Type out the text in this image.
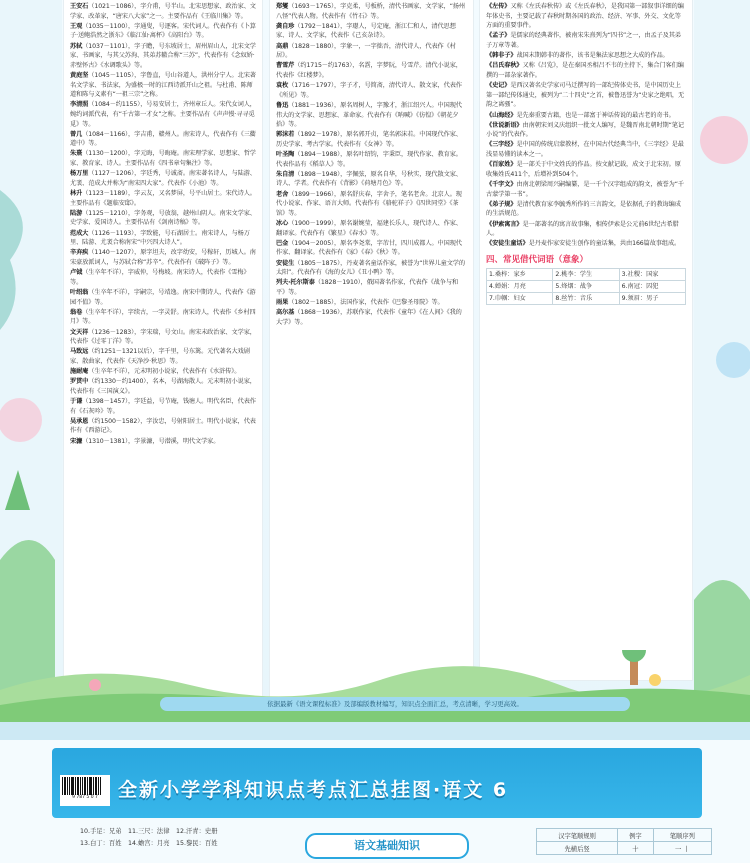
王安石（1021－1086），字介甫，号半山。北宋思想家、政治家、文学家、改革家，“唐宋八大家”之一。主要作品有《王临川集》等。
王观（1035－1100），字通叟，号逐客。宋代词人。代表作有《卜算子·送鲍浩然之浙东》《临江仙·离杯》《高阳台》等。
苏轼（1037－1101），字子瞻，号东坡居士，眉州眉山人，北宋文学家、书画家，与其父苏洵、其弟苏辙合称“三苏”，代表作有《念奴娇·赤壁怀古》《水调歌头》等。
黄庭坚（1045－1105），字鲁直，号山谷道人，洪州分宁人。北宋著名文学家、书法家，为盛极一时的江西诗派开山之祖。与杜甫、陈师道和陈与义素有“一祖三宗”之称。
李清照（1084－约1155），号易安居士，齐州章丘人。宋代女词人，婉约词派代表，有“千古第一才女”之称。主要作品有《声声慢·寻寻觅觅》等。
曾几（1084－1166），字吉甫，赣州人。南宋诗人，代表作有《三衢道中》等。
朱熹（1130－1200），字元晦，号晦庵。南宋理学家、思想家、哲学家、教育家、诗人。主要作品有《四书章句集注》等。
杨万里（1127－1206），字廷秀，号诚斋。南宋著名诗人，与陆游、尤袤、范成大并称为“南宋四大家”。代表作《小池》等。
林升（1123－1189），字云友，又名梦屏，号平山居士。宋代诗人。主要作品有《题临安邸》。
陆游（1125－1210），字务观，号放翁，越州山阴人。南宋文学家、史学家、爱国诗人。主要作品有《剑南诗稿》等。
范成大（1126－1193），字致能，号石湖居士。南宋诗人，与杨万里、陆游、尤袤合称南宋“中兴四大诗人”。
辛弃疾（1140－1207），原字坦夫，改字幼安，号稼轩，历城人。南宋豪放派词人，与苏轼合称“苏辛”。代表作有《破阵子》等。
卢钺（生卒年不详），字威仲，号梅坡。南宋诗人，代表作《雪梅》等。
叶绍翁（生卒年不详），字嗣宗，号靖逸。南宋中期诗人，代表作《游园不值》等。
翁卷（生卒年不详），字续古，一字灵舒。南宋诗人，代表作《乡村四月》等。
文天祥（1236－1283），字宋瑞，号文山。南宋末政治家、文学家，代表作《过零丁洋》等。
马致远（约1251－1321以后），字千里，号东篱。元代著名大戏剧家、散曲家，代表作《天净沙·秋思》等。
施耐庵（生卒年不详），元末明初小说家，代表作有《水浒传》。
罗贯中（约1330－约1400），名本，号湖海散人。元末明初小说家，代表作有《三国演义》。
于谦（1398－1457），字廷益，号节庵，钱塘人。明代名臣，代表作有《石灰吟》等。
吴承恩（约1500－1582），字汝忠，号射阳居士。明代小说家，代表作有《西游记》。
宋濂（1310－1381），字景濂，号潜溪，明代文学家。
郑燮（1693－1765），字克柔，号板桥，清代书画家、文学家，“扬州八怪”代表人物。代表作有《竹石》等。
龚自珍（1792－1841），字璱人，号定庵，浙江仁和人，清代思想家、诗人、文学家，代表作《己亥杂诗》。
高鼎（1828－1880），字象一，一字拙吾，清代诗人，代表作《村居》。
曹雪芹（约1715－约1763），名霑，字梦阮，号雪芹。清代小说家，代表作《红楼梦》。
袁枚（1716－1797），字子才，号简斋，清代诗人、散文家，代表作《所见》等。
鲁迅（1881－1936），原名周树人，字豫才，浙江绍兴人。中国现代伟大的文学家、思想家、革命家。代表作有《呐喊》《彷徨》《朝花夕拾》等。
郭沫若（1892－1978），原名郭开贞，笔名郭沫若。中国现代作家、历史学家、考古学家。代表作有《女神》等。
叶圣陶（1894－1988），原名叶绍钧，字秉臣，现代作家、教育家。代表作品有《稻草人》等。
朱自清（1898－1948），字佩弦，原名自华，号秋实，现代散文家、诗人、学者。代表作有《背影》《荷塘月色》等。
老舍（1899－1966），原名舒庆春，字舍予，笔名老舍。北京人。现代小说家、作家、语言大师。代表作有《骆驼祥子》《四世同堂》《茶馆》等。
冰心（1900－1999），原名谢婉莹，福建长乐人，现代诗人、作家、翻译家。代表作有《繁星》《春水》等。
巴金（1904－2005），原名李尧棠，字芾甘，四川成都人。中国现代作家、翻译家。代表作有《家》《春》《秋》等。
安徒生（1805－1875），丹麦著名童话作家，被誉为“世界儿童文学的太阳”。代表作有《海的女儿》《丑小鸭》等。
列夫·托尔斯泰（1828－1910），俄国著名作家，代表作《战争与和平》等。
雨果（1802－1885），法国作家，代表作《巴黎圣母院》等。
高尔基（1868－1936），苏联作家，代表作《童年》《在人间》《我的大学》等。
《左传》又称《左氏春秋传》或《左氏春秋》，是我国第一部叙事详细的编年体史书，主要记载了春秋时期各国的政治、经济、军事、外交、文化等方面的重要事件。
《孟子》是儒家的经典著作，被南宋朱熹列为“四书”之一，由孟子及其弟子万章等著。
《韩非子》战国末期韩非的著作，该书是集法家思想之大成的作品。
《吕氏春秋》又称《吕览》，是在秦国丞相吕不韦的主持下，集合门客们编撰的一部杂家著作。
《史记》是西汉著名史学家司马迁撰写的一部纪传体史书，是中国历史上第一部纪传体通史，被列为“二十四史”之首，被鲁迅誉为“史家之绝唱，无韵之离骚”。
《山海经》是先秦重要古籍，也是一部富于神话传说的最古老的奇书。
《世说新语》由南朝宋刘义庆组织一批文人编写，是魏晋南北朝时期“笔记小说”的代表作。
《三字经》是中国的传统启蒙教材，在中国古代经典当中，《三字经》是最浅显易懂的读本之一。
《百家姓》是一部关于中文姓氏的作品。按文献记载，成文于北宋初。原收集姓氏411个，后增补到504个。
《千字文》由南北朝梁周兴嗣编纂，是一千个汉字组成的韵文，被誉为“千古蒙学第一书”。
《弟子规》是清代教育家李毓秀所作的三言韵文，是依据孔子的教诲编成的生活规范。
《伊索寓言》是一部著名的寓言故事集，相传伊索是公元前6世纪古希腊人。
《安徒生童话》是丹麦作家安徒生创作的童话集，共由166篇故事组成。
四、常见借代词语（意象）
1.桑梓：家乡	2.桃李：学生	3.社稷：国家
4.婵娟：月亮	5.烽烟：战争	6.南冠：囚犯
7.巾帼：妇女	8.丝竹：音乐	9.须眉：男子
依据最新《语文课程标准》及部编版教材编写，知识点全面汇总，考点清晰，学习更高效。
9 787 5 0 7	全新小学学科知识点考点汇总挂图·语文 6
10.手足：兄弟 11.三尺：法律 12.汗青：史册
13.白丁：百姓 14.蟾宫：月亮 15.黎民：百姓	语文基础知识
汉字笔顺规则	例字	笔顺序列
先横后竖	十	一 丨
